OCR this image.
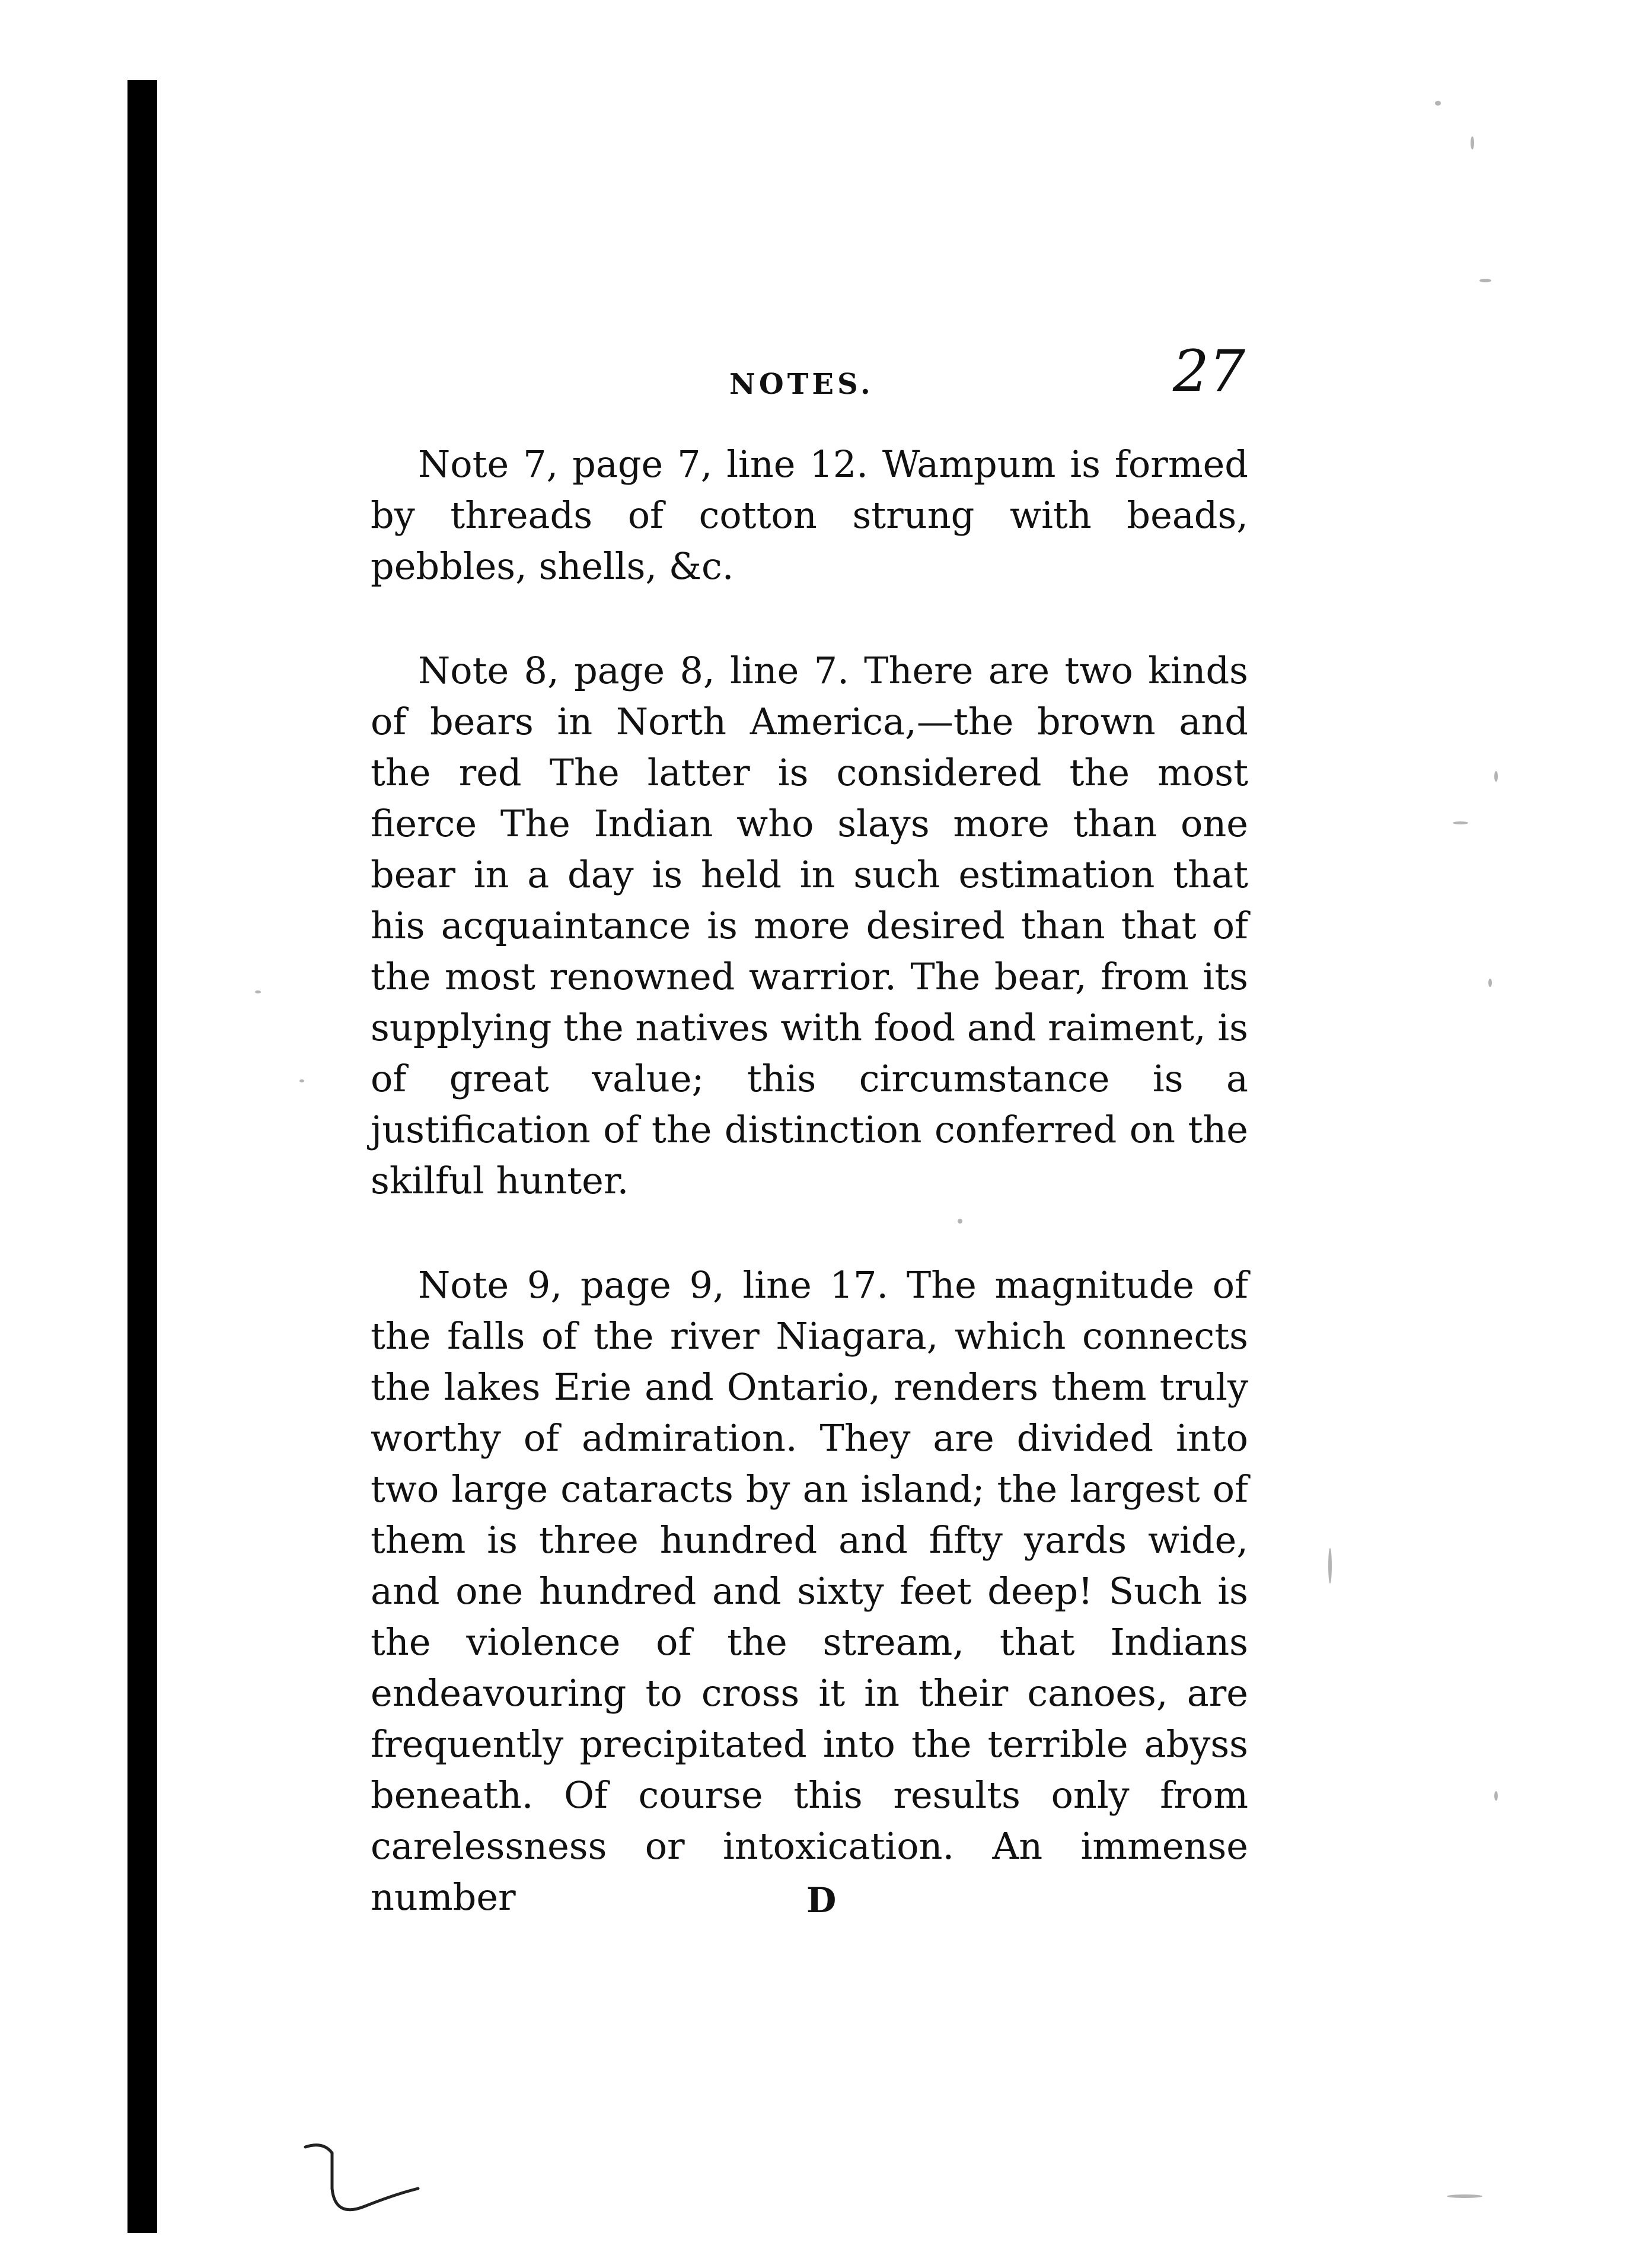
NOTES.	27

Note 7, page 7, line 12. Wampum is formed by threads of cotton strung with beads, pebbles, shells, &c.

Note 8, page 8, line 7. There are two kinds of bears in North America,—the brown and the red The latter is considered the most fierce The Indian who slays more than one bear in a day is held in such estimation that his acquaintance is more desired than that of the most renowned warrior. The bear, from its supplying the natives with food and raiment, is of great value; this circumstance is a justification of the distinction conferred on the skilful hunter.

Note 9, page 9, line 17. The magnitude of the falls of the river Niagara, which connects the lakes Erie and Ontario, renders them truly worthy of admiration. They are divided into two large cataracts by an island; the largest of them is three hundred and fifty yards wide, and one hundred and sixty feet deep! Such is the violence of the stream, that Indians endeavouring to cross it in their canoes, are frequently precipitated into the terrible abyss beneath. Of course this results only from carelessness or intoxication. An immense number	D
